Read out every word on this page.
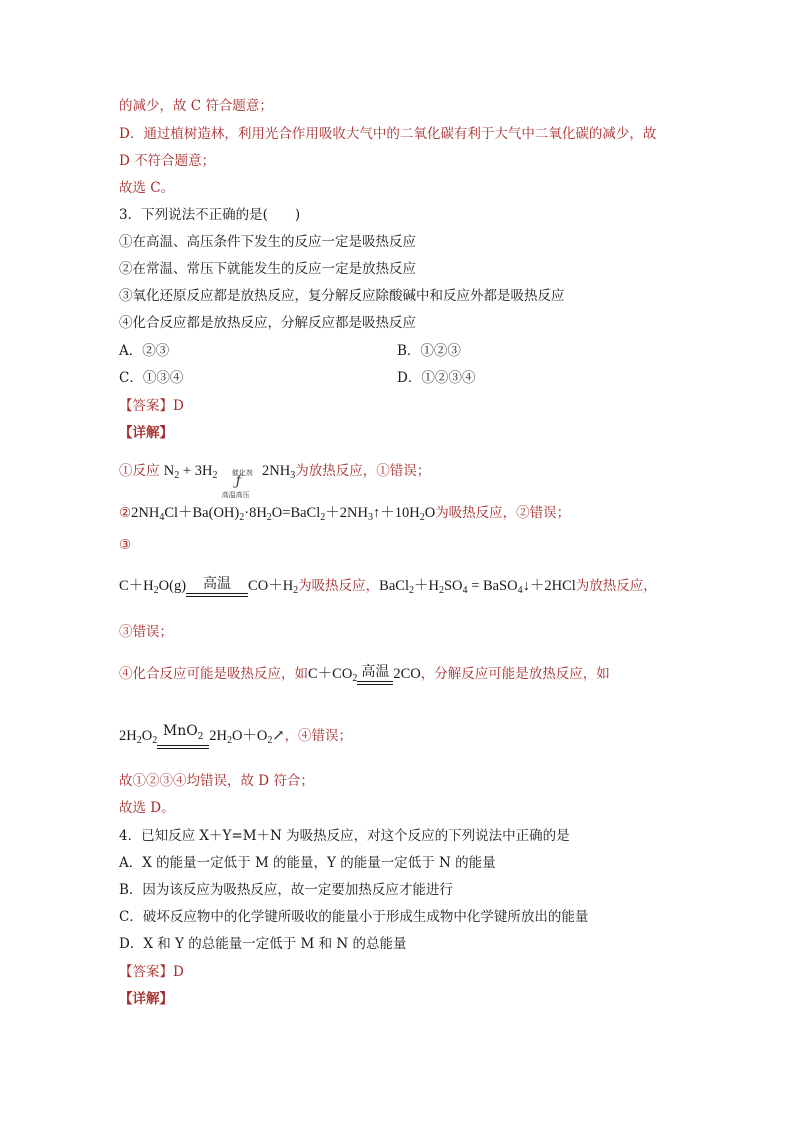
的减少，故 C 符合题意；
D．通过植树造林，利用光合作用吸收大气中的二氧化碳有利于大气中二氧化碳的减少，故
D 不符合题意；
故选 C。
3．下列说法不正确的是(　　)
①在高温、高压条件下发生的反应一定是吸热反应
②在常温、常压下就能发生的反应一定是放热反应
③氧化还原反应都是放热反应，复分解反应除酸碱中和反应外都是吸热反应
④化合反应都是放热反应，分解反应都是吸热反应
A．②③	B．①②③
C．①③④	D．①②③④
【答案】D
【详解】
①反应 $N_2 + 3H_2$ 催化剂
ƒ
高温高压
$2NH_3$为放热反应，①错误；
$②2NH_4Cl+Ba(OH)_2\cdot 8H_2O=BaCl_2+2NH_3↑+10H_2O$为吸热反应，②错误；
③
$C+H_2O(g)$	高温	$CO+H_2$为吸热反应，$BaCl_2+H_2SO_4$ = BaSO$_4$↓＋2HCl为放热反应，
③错误；
④化合反应可能是吸热反应，如$C+CO_2$ 高温 2CO，分解反应可能是放热反应，如
$2H_2O_2$
MnO$_2$ $2H_2O+O_2↗$，④错误；
故①②③④均错误，故 D 符合；
故选 D。
4．已知反应 X＋Y=M＋N 为吸热反应，对这个反应的下列说法中正确的是
A．X 的能量一定低于 M 的能量，Y 的能量一定低于 N 的能量
B．因为该反应为吸热反应，故一定要加热反应才能进行
C．破坏反应物中的化学键所吸收的能量小于形成生成物中化学键所放出的能量
D．X 和 Y 的总能量一定低于 M 和 N 的总能量
【答案】D
【详解】
